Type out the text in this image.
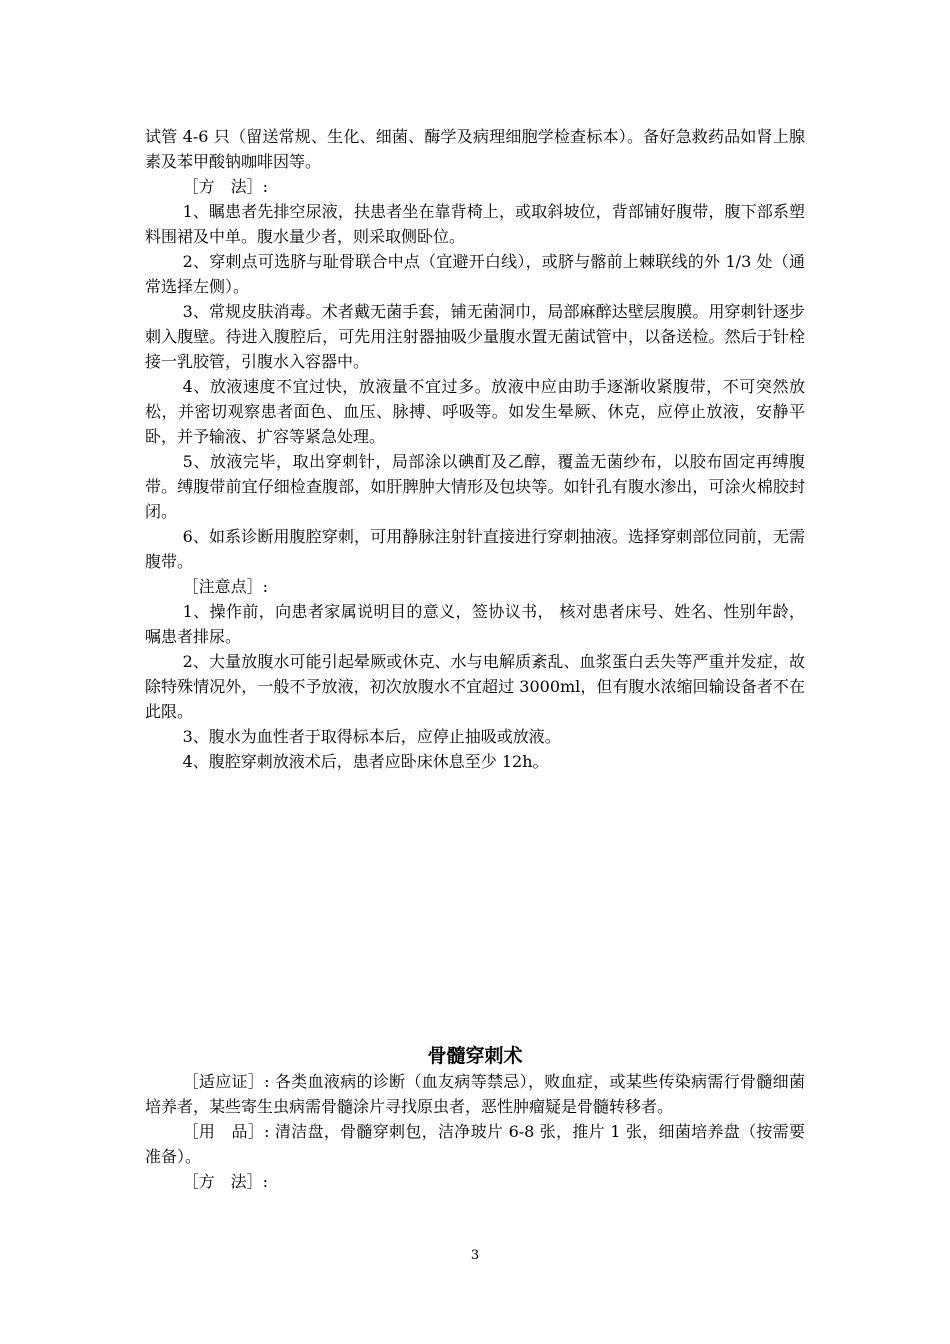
试管 4-6 只（留送常规、生化、细菌、酶学及病理细胞学检查标本）。备好急救药品如肾上腺素及苯甲酸钠咖啡因等。

［方　法］:

1、瞩患者先排空尿液，扶患者坐在靠背椅上，或取斜坡位，背部铺好腹带，腹下部系塑料围裙及中单。腹水量少者，则采取侧卧位。

2、穿刺点可选脐与耻骨联合中点（宜避开白线），或脐与髂前上棘联线的外 1/3 处（通常选择左侧）。

3、常规皮肤消毒。术者戴无菌手套，铺无菌洞巾，局部麻醉达壁层腹膜。用穿刺针逐步刺入腹壁。待进入腹腔后，可先用注射器抽吸少量腹水置无菌试管中，以备送检。然后于针栓接一乳胶管，引腹水入容器中。

4、放液速度不宜过快，放液量不宜过多。放液中应由助手逐渐收紧腹带，不可突然放松，并密切观察患者面色、血压、脉搏、呼吸等。如发生晕厥、休克，应停止放液，安静平卧，并予输液、扩容等紧急处理。

5、放液完毕，取出穿刺针，局部涂以碘酊及乙醇，覆盖无菌纱布，以胶布固定再缚腹带。缚腹带前宜仔细检查腹部，如肝脾肿大情形及包块等。如针孔有腹水渗出，可涂火棉胶封闭。

6、如系诊断用腹腔穿刺，可用静脉注射针直接进行穿刺抽液。选择穿刺部位同前，无需腹带。

［注意点］:

1、操作前，向患者家属说明目的意义，签协议书， 核对患者床号、姓名、性别年龄，嘱患者排尿。

2、大量放腹水可能引起晕厥或休克、水与电解质紊乱、血浆蛋白丢失等严重并发症，故除特殊情况外，一般不予放液，初次放腹水不宜超过 3000ml，但有腹水浓缩回输设备者不在此限。

3、腹水为血性者于取得标本后，应停止抽吸或放液。

4、腹腔穿刺放液术后，患者应卧床休息至少 12h。

骨髓穿刺术

［适应证］: 各类血液病的诊断（血友病等禁忌），败血症，或某些传染病需行骨髓细菌培养者，某些寄生虫病需骨髓涂片寻找原虫者，恶性肿瘤疑是骨髓转移者。

［用　品］: 清洁盘，骨髓穿刺包，洁净玻片 6-8 张，推片 1 张，细菌培养盘（按需要准备）。

［方　法］:

3
